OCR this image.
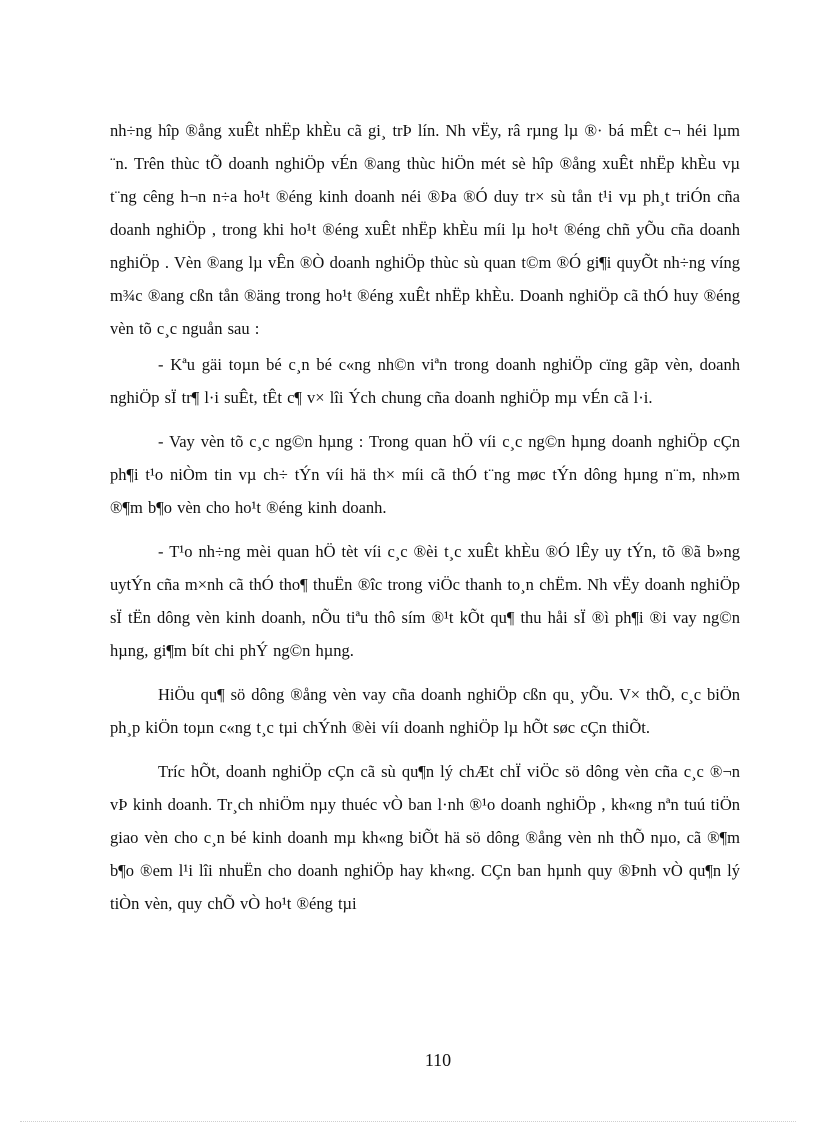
nh÷ng hîp ®ång xuÊt nhËp khÈu cã gi¸ trÞ lín. Nh vËy, râ rµng lµ ®· bá mÊt c¬ héi lµm ¨n. Trên thùc tÕ doanh nghiÖp vÉn ®ang thùc hiÖn mét sè hîp ®ång xuÊt nhËp khÈu vµ t¨ng cêng h¬n n÷a ho¹t ®éng kinh doanh néi ®Þa ®Ó duy tr× sù tån t¹i vµ ph¸t triÓn cña doanh nghiÖp , trong khi ho¹t ®éng xuÊt nhËp khÈu míi lµ ho¹t ®éng chñ yÕu cña doanh nghiÖp . Vèn ®ang lµ vÊn ®Ò doanh nghiÖp thùc sù quan t©m ®Ó gi¶i quyÕt nh÷ng víng m¾c ®ang cßn tån ®äng trong ho¹t ®éng xuÊt nhËp khÈu. Doanh nghiÖp cã thÓ huy ®éng vèn tõ c¸c nguån sau :

- Kªu gäi toµn bé c¸n bé c«ng nh©n viªn trong doanh nghiÖp cïng gãp vèn, doanh nghiÖp sÏ tr¶ l·i suÊt, tÊt c¶ v× lîi Ých chung cña doanh nghiÖp mµ vÉn cã l·i.

- Vay vèn tõ c¸c ng©n hµng : Trong quan hÖ víi c¸c ng©n hµng doanh nghiÖp cÇn ph¶i t¹o niÒm tin vµ ch÷ tÝn víi hä th× míi cã thÓ t¨ng møc tÝn dông hµng n¨m, nh»m ®¶m b¶o vèn cho ho¹t ®éng kinh doanh.

- T¹o nh÷ng mèi quan hÖ tèt víi c¸c ®èi t¸c xuÊt khÈu ®Ó lÊy uy tÝn, tõ ®ã b»ng uytÝn cña m×nh cã thÓ tho¶ thuËn ®îc trong viÖc thanh to¸n chËm. Nh vËy doanh nghiÖp sÏ tËn dông vèn kinh doanh, nÕu tiªu thô sím ®¹t kÕt qu¶ thu håi sÏ ®ì ph¶i ®i vay ng©n hµng, gi¶m bít chi phÝ ng©n hµng.

HiÖu qu¶ sö dông ®ång vèn vay cña doanh nghiÖp cßn qu¸ yÕu. V× thÕ, c¸c biÖn ph¸p kiÖn toµn c«ng t¸c tµi chÝnh ®èi víi doanh nghiÖp lµ hÕt søc cÇn thiÕt.

Tríc hÕt, doanh nghiÖp cÇn cã sù qu¶n lý chÆt chÏ viÖc sö dông vèn cña c¸c ®¬n vÞ kinh doanh. Tr¸ch nhiÖm nµy thuéc vÒ ban l·nh ®¹o doanh nghiÖp , kh«ng nªn tuú tiÖn giao vèn cho c¸n bé kinh doanh mµ kh«ng biÕt hä sö dông ®ång vèn nh thÕ nµo, cã ®¶m b¶o ®em l¹i lîi nhuËn cho doanh nghiÖp hay kh«ng. CÇn ban hµnh quy ®Þnh vÒ qu¶n lý tiÒn vèn, quy chÕ vÒ ho¹t ®éng tµi

110
